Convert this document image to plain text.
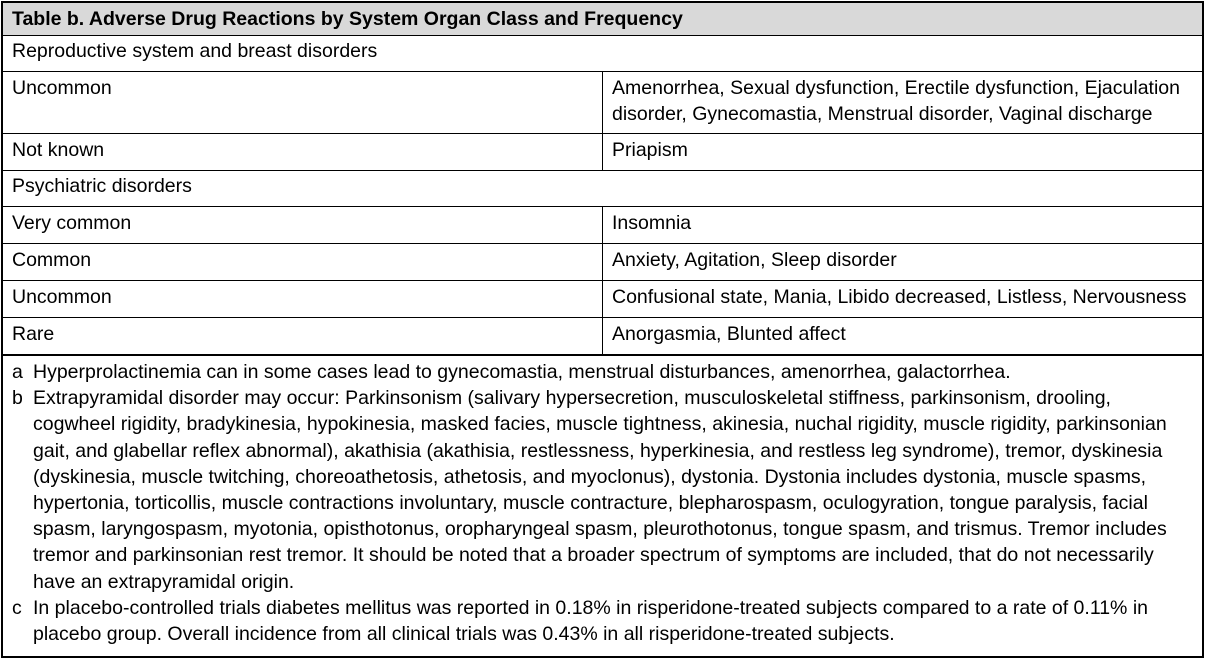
Table b. Adverse Drug Reactions by System Organ Class and Frequency	
Reproductive system and breast disorders	
Uncommon	Amenorrhea, Sexual dysfunction, Erectile dysfunction, Ejaculation disorder, Gynecomastia, Menstrual disorder, Vaginal discharge
Not known	Priapism
Psychiatric disorders	
Very common	Insomnia
Common	Anxiety, Agitation, Sleep disorder
Uncommon	Confusional state, Mania, Libido decreased, Listless, Nervousness
Rare	Anorgasmia, Blunted affect
a Hyperprolactinemia can in some cases lead to gynecomastia, menstrual disturbances, amenorrhea, galactorrhea.
b Extrapyramidal disorder may occur: Parkinsonism (salivary hypersecretion, musculoskeletal stiffness, parkinsonism, drooling, cogwheel rigidity, bradykinesia, hypokinesia, masked facies, muscle tightness, akinesia, nuchal rigidity, muscle rigidity, parkinsonian gait, and glabellar reflex abnormal), akathisia (akathisia, restlessness, hyperkinesia, and restless leg syndrome), tremor, dyskinesia (dyskinesia, muscle twitching, choreoathetosis, athetosis, and myoclonus), dystonia. Dystonia includes dystonia, muscle spasms, hypertonia, torticollis, muscle contractions involuntary, muscle contracture, blepharospasm, oculogyration, tongue paralysis, facial spasm, laryngospasm, myotonia, opisthotonus, oropharyngeal spasm, pleurothotonus, tongue spasm, and trismus. Tremor includes tremor and parkinsonian rest tremor. It should be noted that a broader spectrum of symptoms are included, that do not necessarily have an extrapyramidal origin.
c In placebo-controlled trials diabetes mellitus was reported in 0.18% in risperidone-treated subjects compared to a rate of 0.11% in placebo group. Overall incidence from all clinical trials was 0.43% in all risperidone-treated subjects.
